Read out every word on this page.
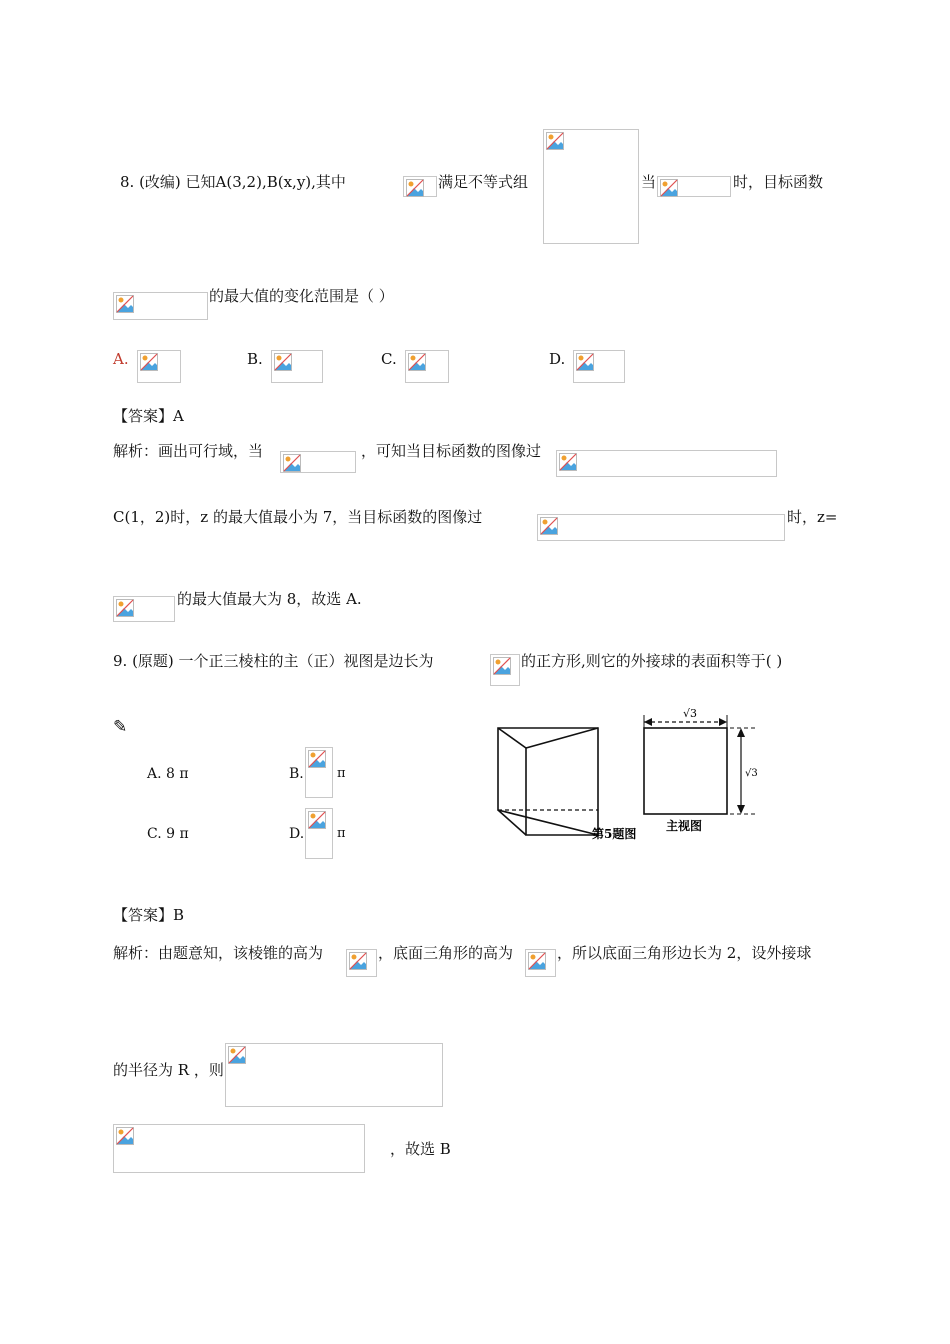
8. (改编) 已知A(3,2),B(x,y),其中	满足不等式组	当	时，目标函数
的最大值的变化范围是（ ）
A.	B.	C.	D.
【答案】A
解析：画出可行域，当	，可知当目标函数的图像过
C(1，2)时，z 的最大值最小为 7，当目标函数的图像过	时，z=
的最大值最大为 8，故选 A.
9. (原题) 一个正三棱柱的主（正）视图是边长为	的正方形,则它的外接球的表面积等于( )
✎
A. 8 π	B.	π
C. 9 π	D.	π
√3
√3
第5题图
主视图
【答案】B
解析：由题意知，该棱锥的高为	，底面三角形的高为	，所以底面三角形边长为 2，设外接球
的半径为 R ，则
，故选 B
